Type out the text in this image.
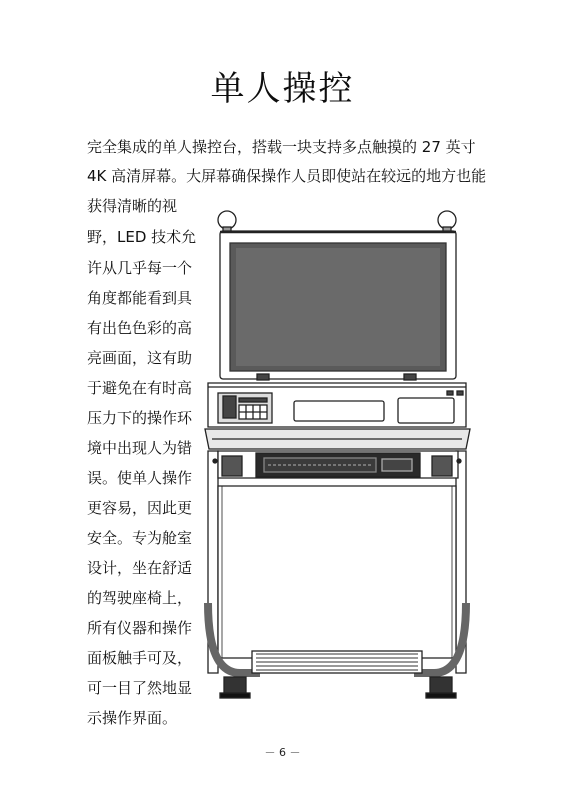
单人操控
完全集成的单人操控台，搭载一块支持多点触摸的 27 英寸
4K 高清屏幕。大屏幕确保操作人员即使站在较远的地方也能
获得清晰的视
野，LED 技术允
许从几乎每一个
角度都能看到具
有出色色彩的高
亮画面，这有助
于避免在有时高
压力下的操作环
境中出现人为错
误。使单人操作
更容易，因此更
安全。专为舱室
设计，坐在舒适
的驾驶座椅上，
所有仪器和操作
面板触手可及，
可一目了然地显
示操作界面。
－ 6 －
